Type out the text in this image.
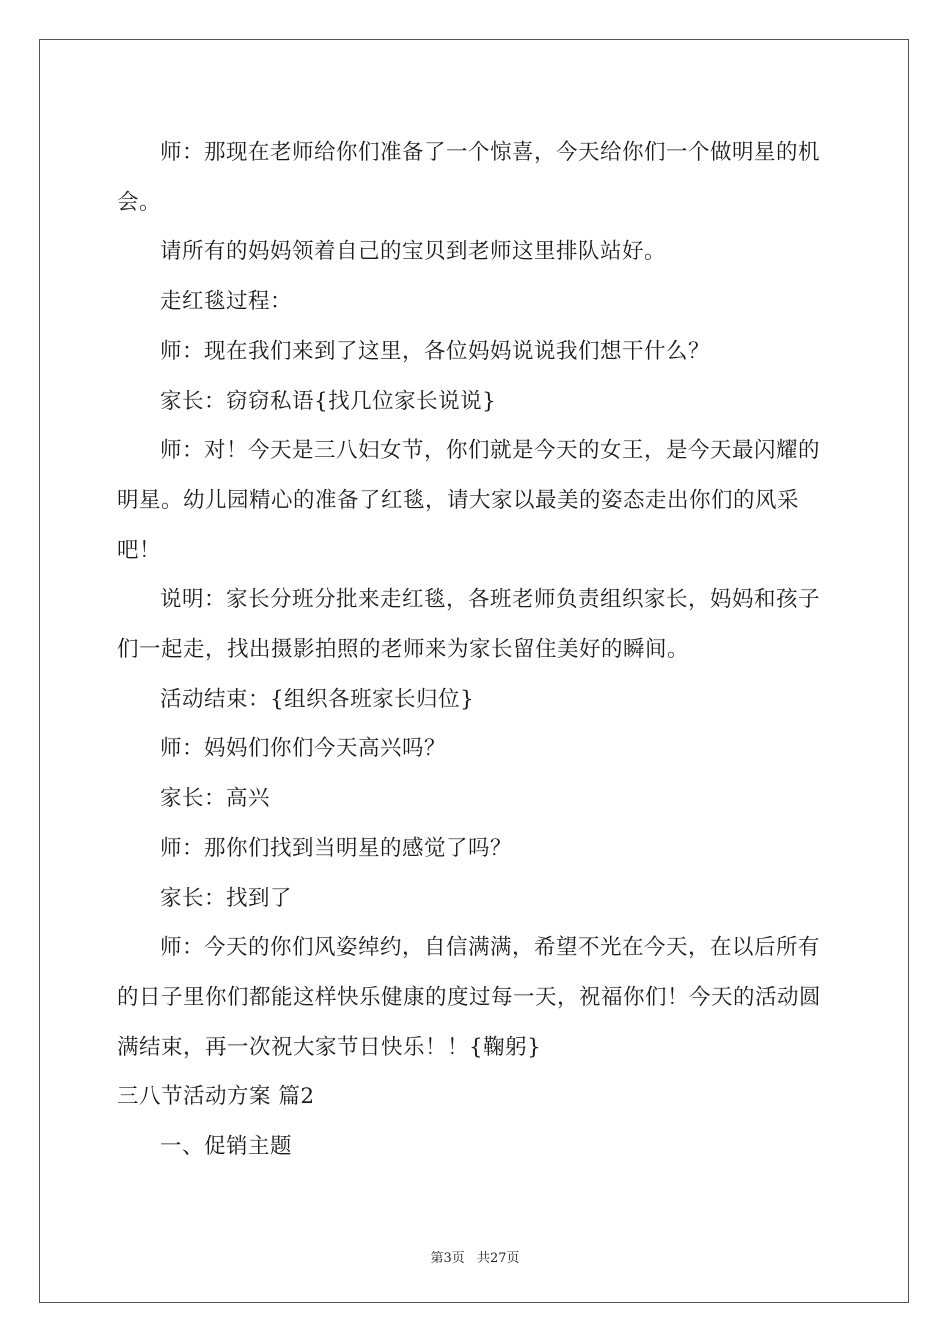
师：那现在老师给你们准备了一个惊喜，今天给你们一个做明星的机会。

请所有的妈妈领着自己的宝贝到老师这里排队站好。

走红毯过程：

师：现在我们来到了这里，各位妈妈说说我们想干什么？

家长：窃窃私语{找几位家长说说}

师：对！今天是三八妇女节，你们就是今天的女王，是今天最闪耀的明星。幼儿园精心的准备了红毯，请大家以最美的姿态走出你们的风采吧！

说明：家长分班分批来走红毯，各班老师负责组织家长，妈妈和孩子们一起走，找出摄影拍照的老师来为家长留住美好的瞬间。

活动结束：{组织各班家长归位}

师：妈妈们你们今天高兴吗？

家长：高兴

师：那你们找到当明星的感觉了吗？

家长：找到了

师：今天的你们风姿绰约，自信满满，希望不光在今天，在以后所有的日子里你们都能这样快乐健康的度过每一天，祝福你们！今天的活动圆满结束，再一次祝大家节日快乐！！{鞠躬}

三八节活动方案 篇2

一、促销主题

第3页 共27页
